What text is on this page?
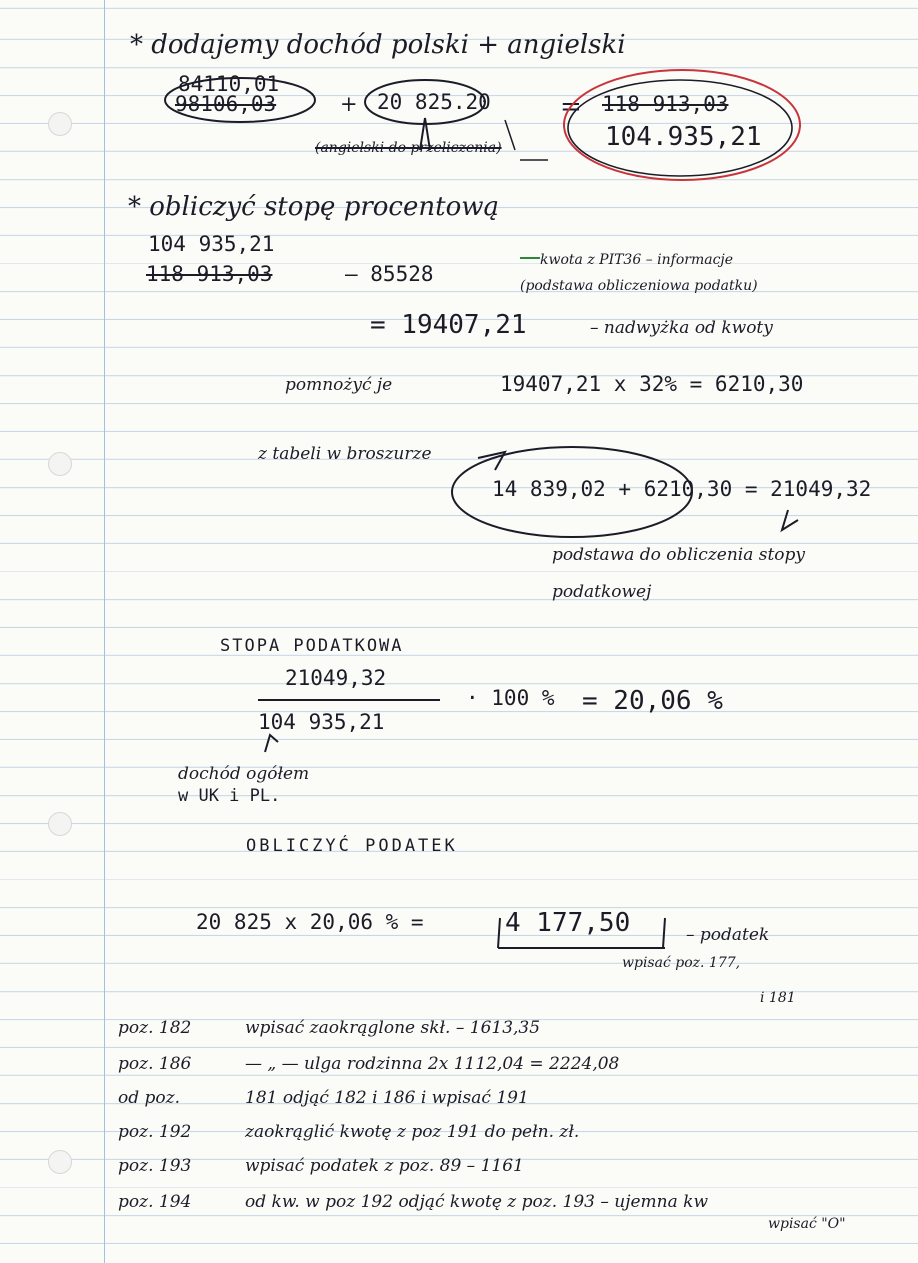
* dodajemy dochód polski + angielski
84110,01
98106,03	+ 20 825.20
(angielski do przeliczenia)
= 118 913,03
104.935,21
* obliczyć stopę procentową
104 935,21
118 913,03	— 85528
kwota z PIT36 – informacje
(podstawa obliczeniowa podatku)
= 19407,21	– nadwyżka od kwoty
pomnożyć je	19407,21 x 32% = 6210,30
z tabeli w broszurze
14 839,02 + 6210,30 = 21049,32
podstawa do obliczenia stopy
podatkowej
STOPA PODATKOWA
21049,32
104 935,21
· 100 % = 20,06 %
dochód ogółem
w UK i PL.
OBLICZYĆ PODATEK
20 825 x 20,06 % =	4 177,50	– podatek
wpisać poz. 177,
i 181
poz. 182	wpisać zaokrąglone skł. – 1613,35
poz. 186	— „ — ulga rodzinna 2x 1112,04 = 2224,08
od poz.	181 odjąć 182 i 186 i wpisać 191
poz. 192	zaokrąglić kwotę z poz 191 do pełn. zł.
poz. 193	wpisać podatek z poz. 89 – 1161
poz. 194	od kw. w poz 192 odjąć kwotę z poz. 193 – ujemna kw
wpisać "O"
